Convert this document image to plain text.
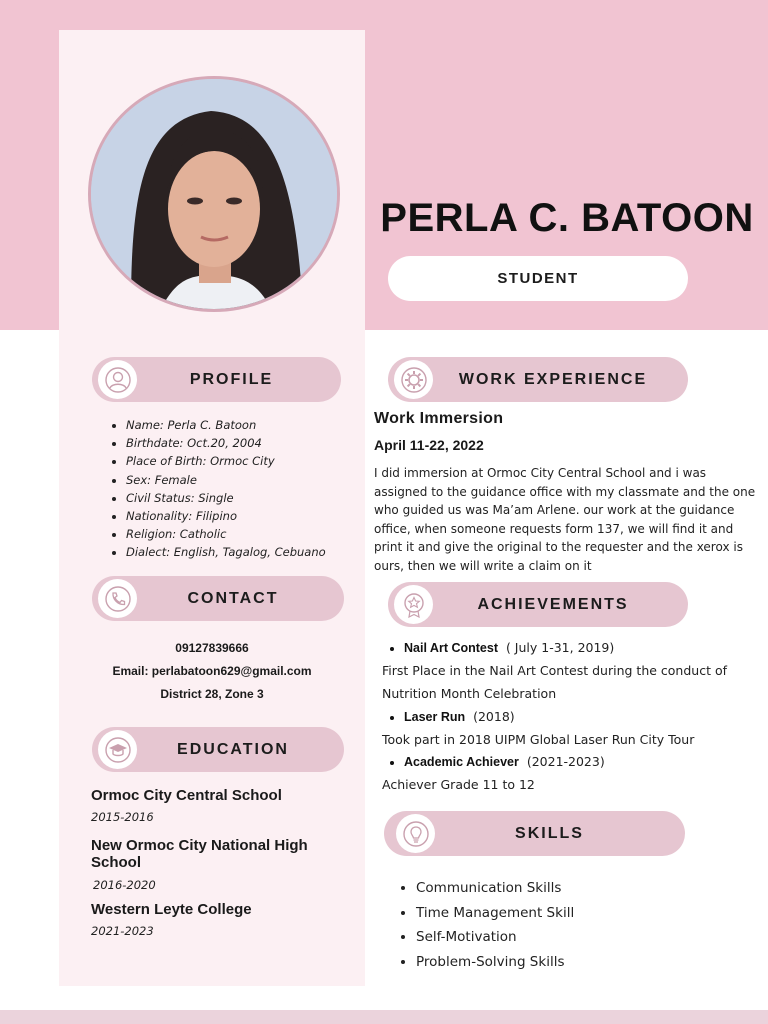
PERLA C. BATOON
STUDENT
PROFILE
• Name: Perla C. Batoon
• Birthdate: Oct.20, 2004
• Place of Birth: Ormoc City
• Sex: Female
• Civil Status: Single
• Nationality: Filipino
• Religion: Catholic
• Dialect: English, Tagalog, Cebuano
CONTACT
09127839666
Email: perlabatoon629@gmail.com
District 28, Zone 3
EDUCATION
Ormoc City Central School
2015-2016
New Ormoc City National High School
2016-2020
Western Leyte College
2021-2023
WORK EXPERIENCE
Work Immersion
April 11-22, 2022

I did immersion at Ormoc City Central School and i was assigned to the guidance office with my classmate and the one who guided us was Ma’am Arlene. our work at the guidance office, when someone requests form 137, we will find it and print it and give the original to the requester and the xerox is ours, then we will write a claim on it

ACHIEVEMENTS
Nail Art Contest ( July 1-31, 2019)
First Place in the Nail Art Contest during the conduct of
Nutrition Month Celebration
Laser Run (2018)
Took part in 2018 UIPM Global Laser Run City Tour
Academic Achiever (2021-2023)
Achiever Grade 11 to 12
SKILLS
• Communication Skills
• Time Management Skill
• Self-Motivation
• Problem-Solving Skills
